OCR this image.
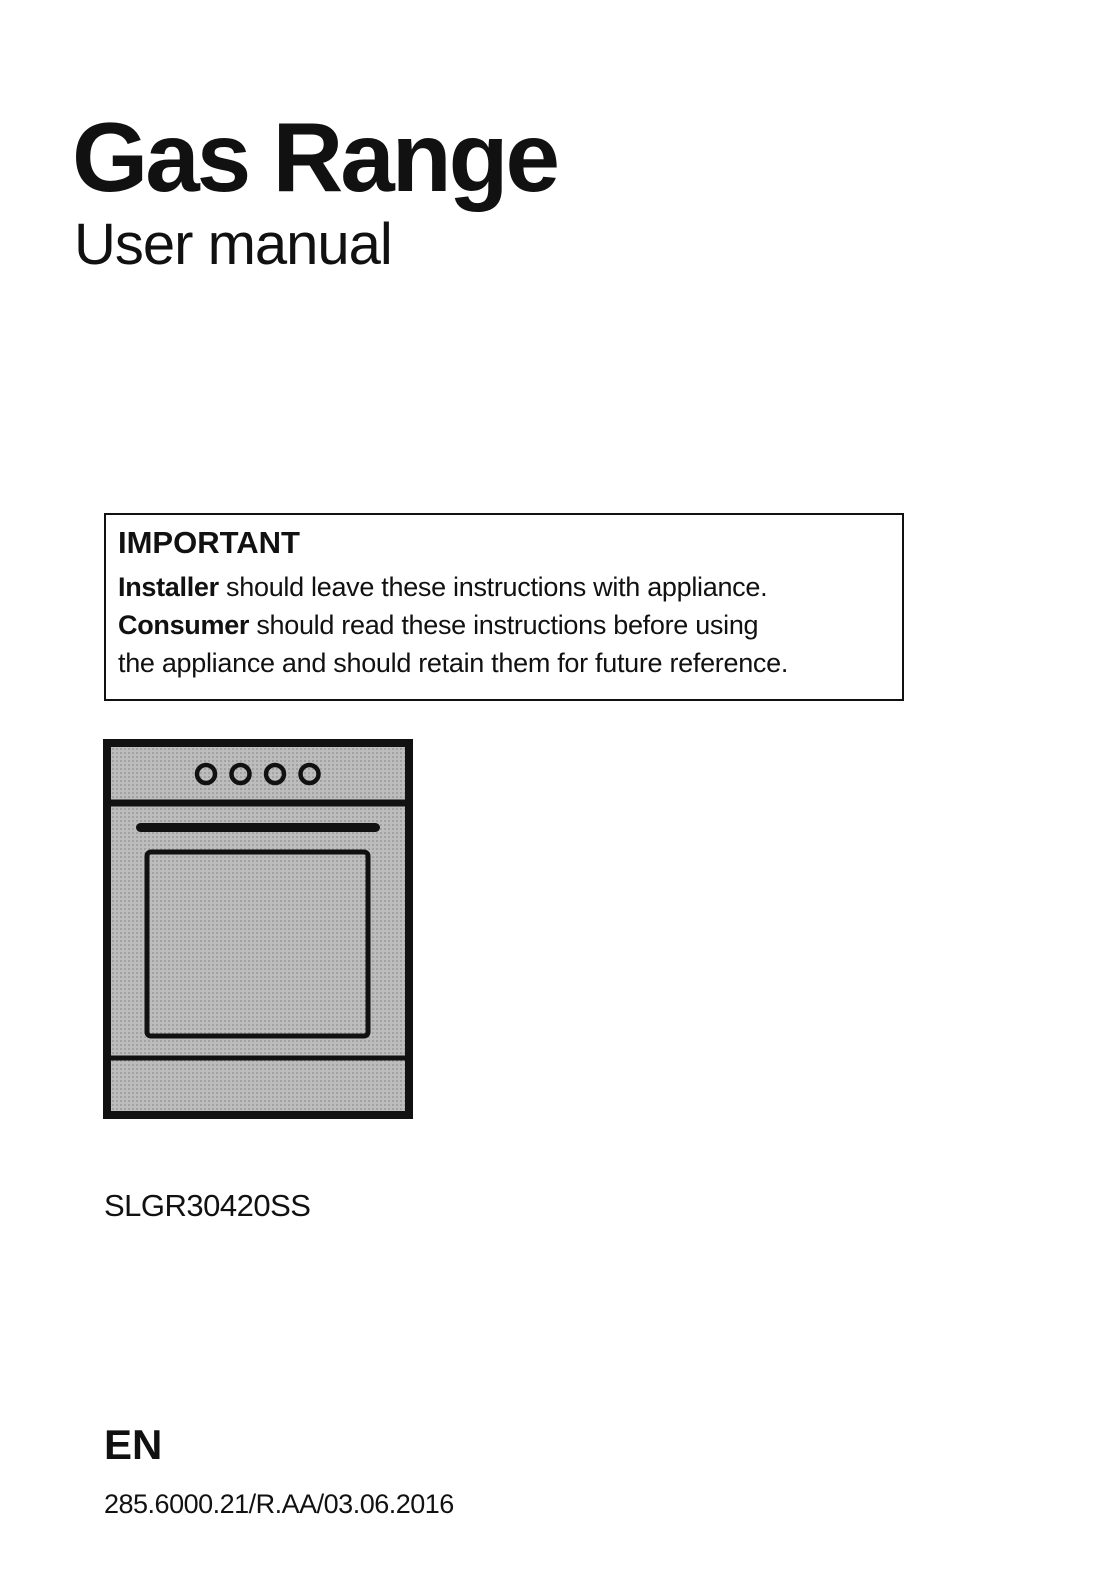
Gas Range
User manual
IMPORTANT
Installer should leave these instructions with appliance.
Consumer should read these instructions before using
the appliance and should retain them for future reference.
SLGR30420SS
EN
285.6000.21/R.AA/03.06.2016
